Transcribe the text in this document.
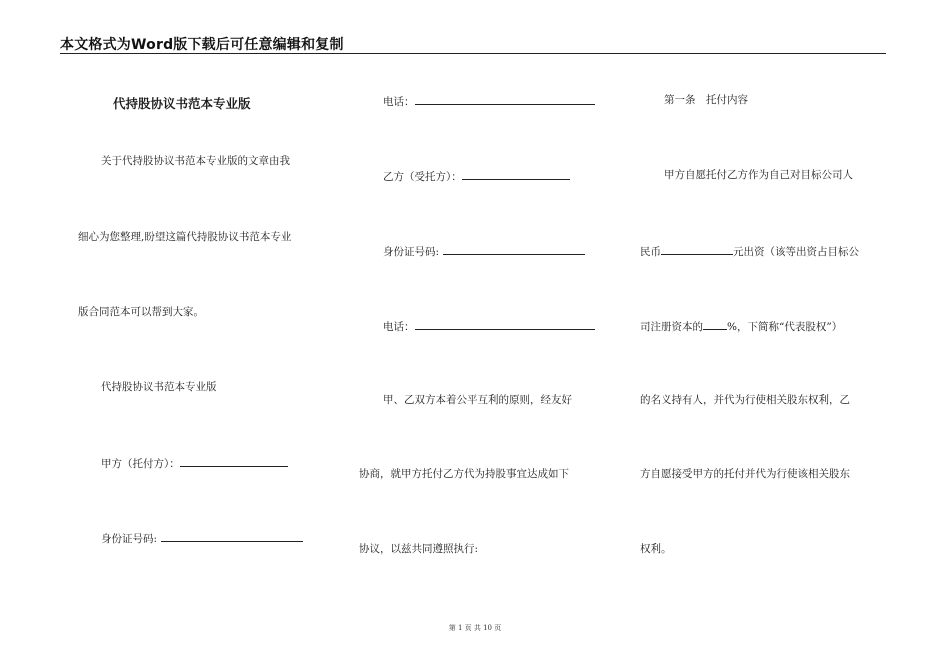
本文格式为Word版下载后可任意编辑和复制
代持股协议书范本专业版
关于代持股协议书范本专业版的文章由我
细心为您整理,盼望这篇代持股协议书范本专业
版合同范本可以帮到大家。
代持股协议书范本专业版
甲方（托付方）：
身份证号码:
电话：
乙方（受托方）：
身份证号码:
电话：
甲、乙双方本着公平互利的原则，经友好
协商，就甲方托付乙方代为持股事宜达成如下
协议，以兹共同遵照执行:
第一条　托付内容
甲方自愿托付乙方作为自己对目标公司人
民币	元出资（该等出资占目标公
司注册资本的 %，下简称“代表股权”）
的名义持有人，并代为行使相关股东权利，乙
方自愿接受甲方的托付并代为行使该相关股东
权利。
第 1 页 共 10 页
